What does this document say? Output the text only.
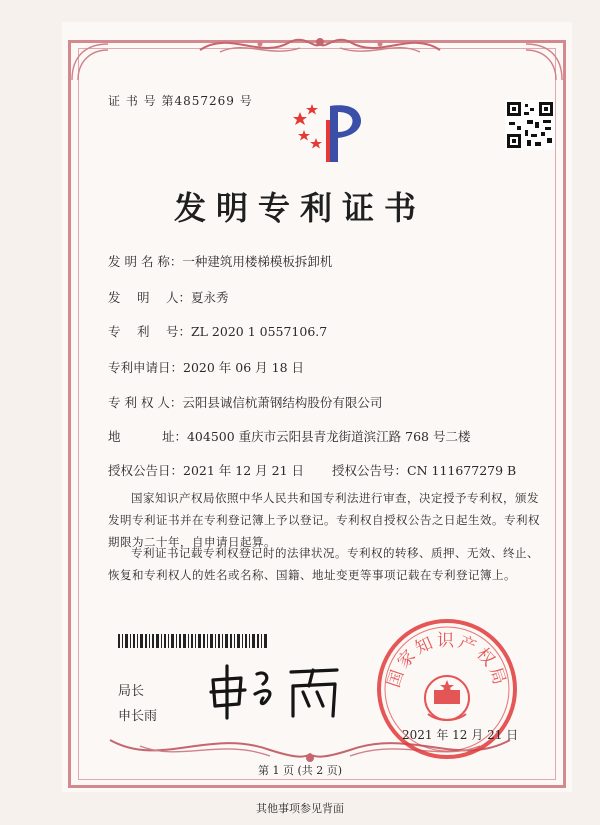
证 书 号 第4857269 号
发明专利证书
发 明 名 称：一种建筑用楼梯模板拆卸机
发　 明　 人：夏永秀
专　 利　 号：ZL 2020 1 0557106.7
专利申请日：2020 年 06 月 18 日
专 利 权 人：云阳县诚信杭萧钢结构股份有限公司
地　　　 址：404500 重庆市云阳县青龙街道滨江路 768 号二楼
授权公告日：2021 年 12 月 21 日 授权公告号：CN 111677279 B
国家知识产权局依照中华人民共和国专利法进行审查，决定授予专利权，颁发发明专利证书并在专利登记簿上予以登记。专利权自授权公告之日起生效。专利权期限为二十年，自申请日起算。
专利证书记载专利权登记时的法律状况。专利权的转移、质押、无效、终止、恢复和专利权人的姓名或名称、国籍、地址变更等事项记载在专利登记簿上。
局长
申长雨
国家知识产权局
2021 年 12 月 21 日
第 1 页 (共 2 页)
其他事项参见背面
